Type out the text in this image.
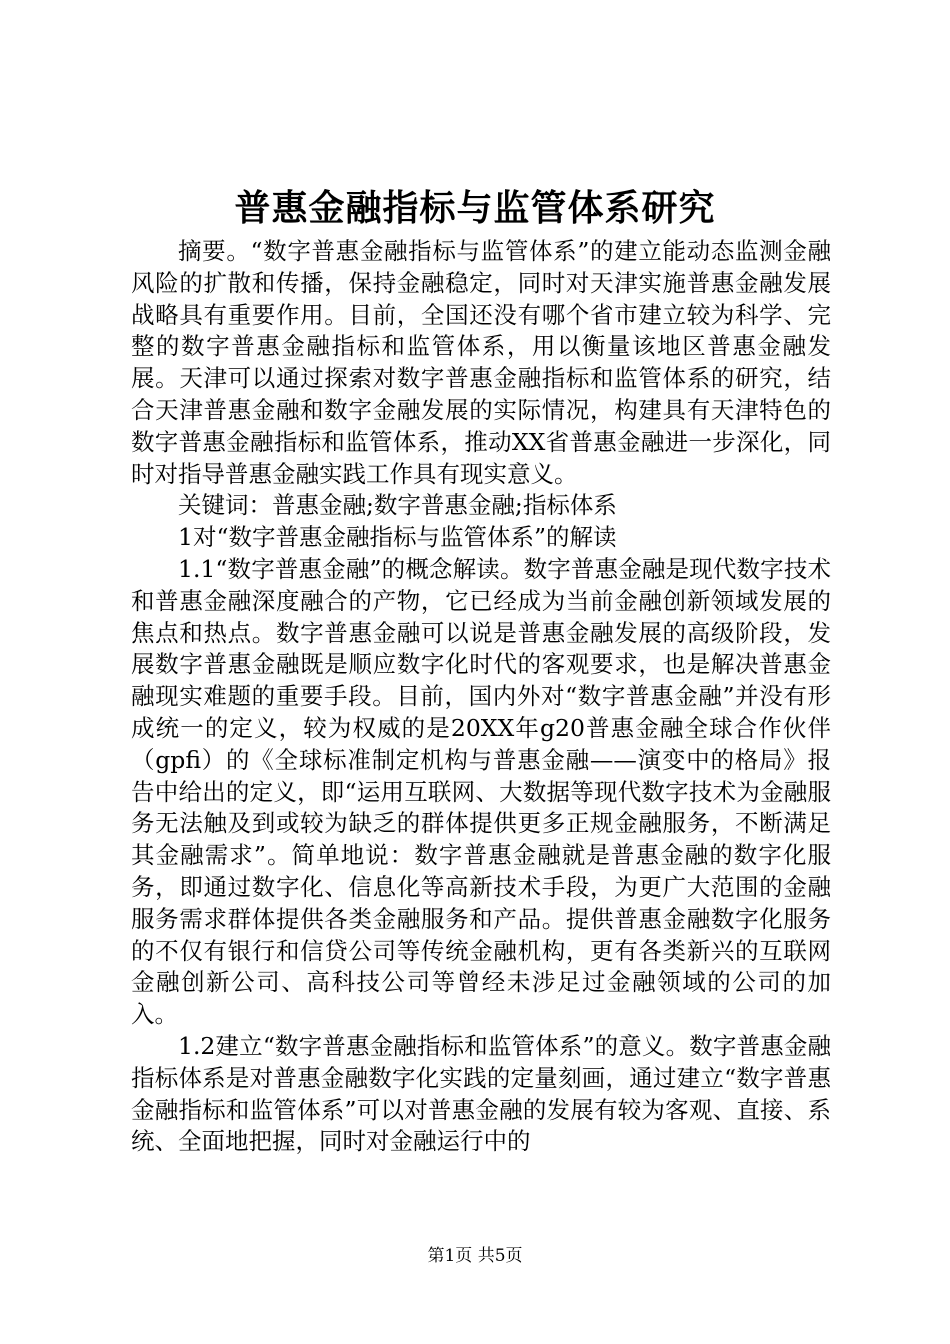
普惠金融指标与监管体系研究

摘要。“数字普惠金融指标与监管体系”的建立能动态监测金融风险的扩散和传播，保持金融稳定，同时对天津实施普惠金融发展战略具有重要作用。目前，全国还没有哪个省市建立较为科学、完整的数字普惠金融指标和监管体系，用以衡量该地区普惠金融发展。天津可以通过探索对数字普惠金融指标和监管体系的研究，结合天津普惠金融和数字金融发展的实际情况，构建具有天津特色的数字普惠金融指标和监管体系，推动XX省普惠金融进一步深化，同时对指导普惠金融实践工作具有现实意义。

关键词：普惠金融;数字普惠金融;指标体系

1对“数字普惠金融指标与监管体系”的解读

1.1“数字普惠金融”的概念解读。数字普惠金融是现代数字技术和普惠金融深度融合的产物，它已经成为当前金融创新领域发展的焦点和热点。数字普惠金融可以说是普惠金融发展的高级阶段，发展数字普惠金融既是顺应数字化时代的客观要求，也是解决普惠金融现实难题的重要手段。目前，国内外对“数字普惠金融”并没有形成统一的定义，较为权威的是20XX年g20普惠金融全球合作伙伴（gpfi）的《全球标准制定机构与普惠金融——演变中的格局》报告中给出的定义，即“运用互联网、大数据等现代数字技术为金融服务无法触及到或较为缺乏的群体提供更多正规金融服务，不断满足其金融需求”。简单地说：数字普惠金融就是普惠金融的数字化服务，即通过数字化、信息化等高新技术手段，为更广大范围的金融服务需求群体提供各类金融服务和产品。提供普惠金融数字化服务的不仅有银行和信贷公司等传统金融机构，更有各类新兴的互联网金融创新公司、高科技公司等曾经未涉足过金融领域的公司的加入。

1.2建立“数字普惠金融指标和监管体系”的意义。数字普惠金融指标体系是对普惠金融数字化实践的定量刻画，通过建立“数字普惠金融指标和监管体系”可以对普惠金融的发展有较为客观、直接、系统、全面地把握，同时对金融运行中的

第1页 共5页
